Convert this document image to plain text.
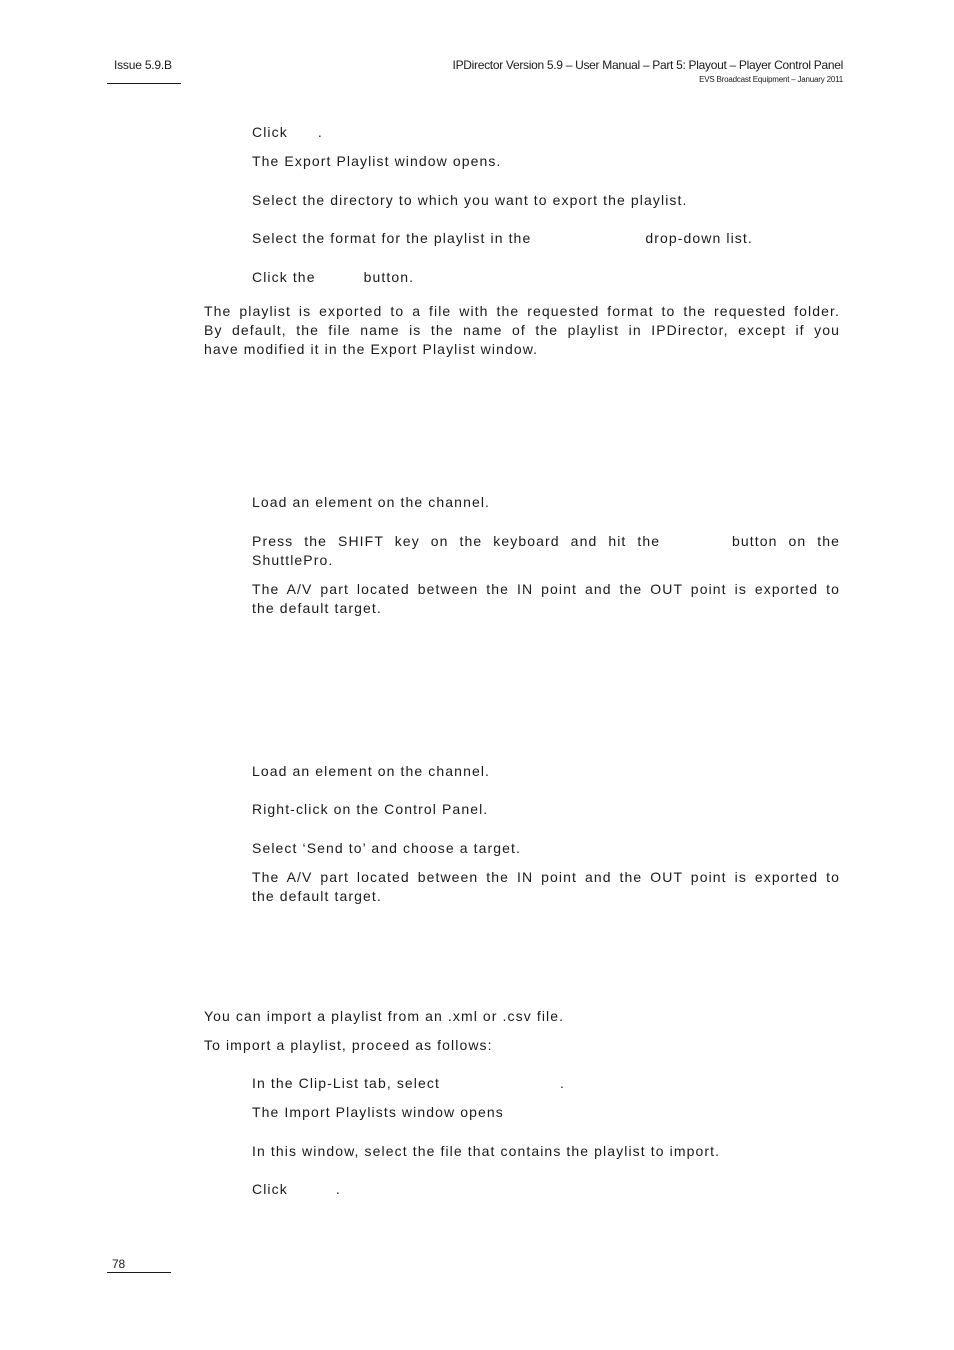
Issue 5.9.B	IPDirector Version 5.9 – User Manual – Part 5: Playout – Player Control Panel
EVS Broadcast Equipment – January 2011
Click .
The Export Playlist window opens.
Select the directory to which you want to export the playlist.
Select the format for the playlist in the	drop-down list.
Click the	button.
The playlist is exported to a file with the requested format to the requested folder.
By default, the file name is the name of the playlist in IPDirector, except if you
have modified it in the Export Playlist window.
Load an element on the channel.
Press the SHIFT key on the keyboard and hit the	button on the
ShuttlePro.
The A/V part located between the IN point and the OUT point is exported to
the default target.
Load an element on the channel.
Right-click on the Control Panel.
Select ‘Send to’ and choose a target.
The A/V part located between the IN point and the OUT point is exported to
the default target.
You can import a playlist from an .xml or .csv file.
To import a playlist, proceed as follows:
In the Clip-List tab, select	.
The Import Playlists window opens
In this window, select the file that contains the playlist to import.
Click	.
78
